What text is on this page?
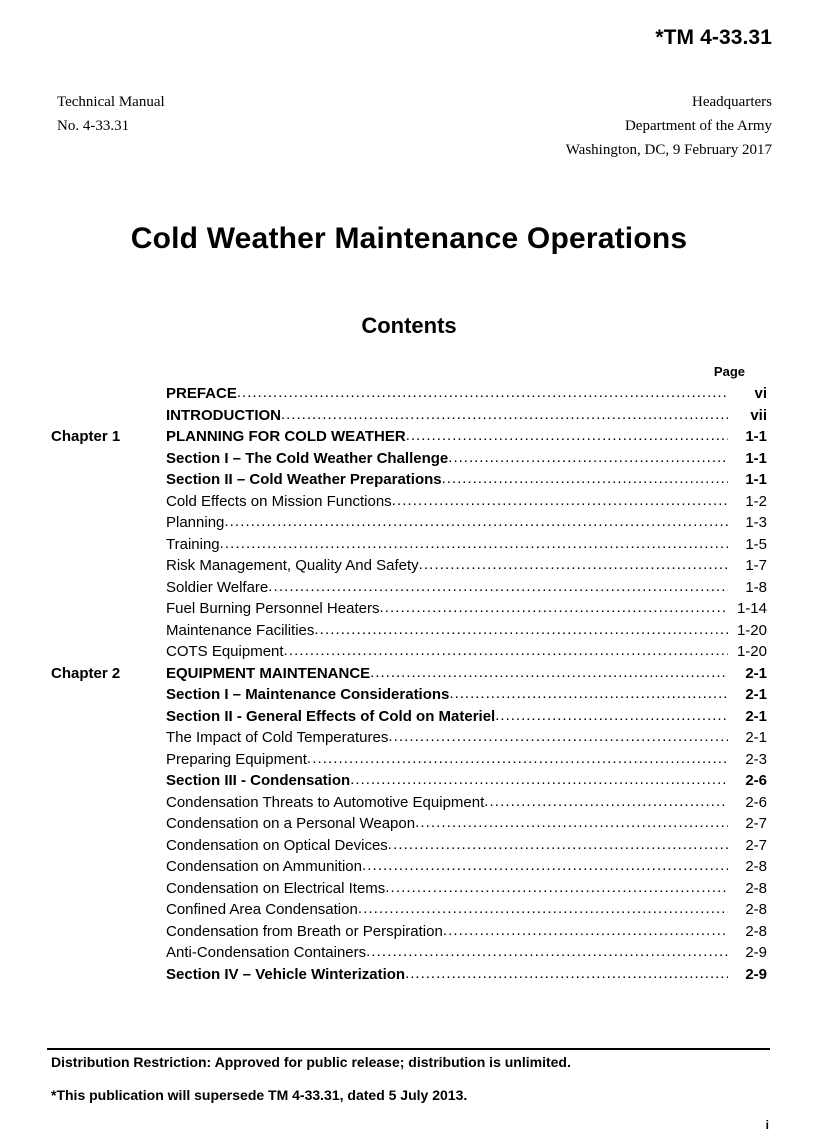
*TM 4-33.31
Technical Manual
No. 4-33.31
Headquarters
Department of the Army
Washington, DC, 9 February 2017
Cold Weather Maintenance Operations
Contents
Page
PREFACE .....	vi
INTRODUCTION .....	vii
Chapter 1	PLANNING FOR COLD WEATHER .....	1-1
Section I – The Cold Weather Challenge .....	1-1
Section II – Cold Weather Preparations .....	1-1
Cold Effects on Mission Functions .....	1-2
Planning .....	1-3
Training .....	1-5
Risk Management, Quality And Safety .....	1-7
Soldier Welfare .....	1-8
Fuel Burning Personnel Heaters .....	1-14
Maintenance Facilities .....	1-20
COTS Equipment .....	1-20
Chapter 2	EQUIPMENT MAINTENANCE .....	2-1
Section I – Maintenance Considerations .....	2-1
Section II - General Effects of Cold on Materiel .....	2-1
The Impact of Cold Temperatures .....	2-1
Preparing Equipment .....	2-3
Section III - Condensation .....	2-6
Condensation Threats to Automotive Equipment .....	2-6
Condensation on a Personal Weapon .....	2-7
Condensation on Optical Devices .....	2-7
Condensation on Ammunition .....	2-8
Condensation on Electrical Items .....	2-8
Confined Area Condensation .....	2-8
Condensation from Breath or Perspiration .....	2-8
Anti-Condensation Containers .....	2-9
Section IV – Vehicle Winterization .....	2-9
Distribution Restriction: Approved for public release; distribution is unlimited.
*This publication will supersede TM 4-33.31, dated 5 July 2013.
i
